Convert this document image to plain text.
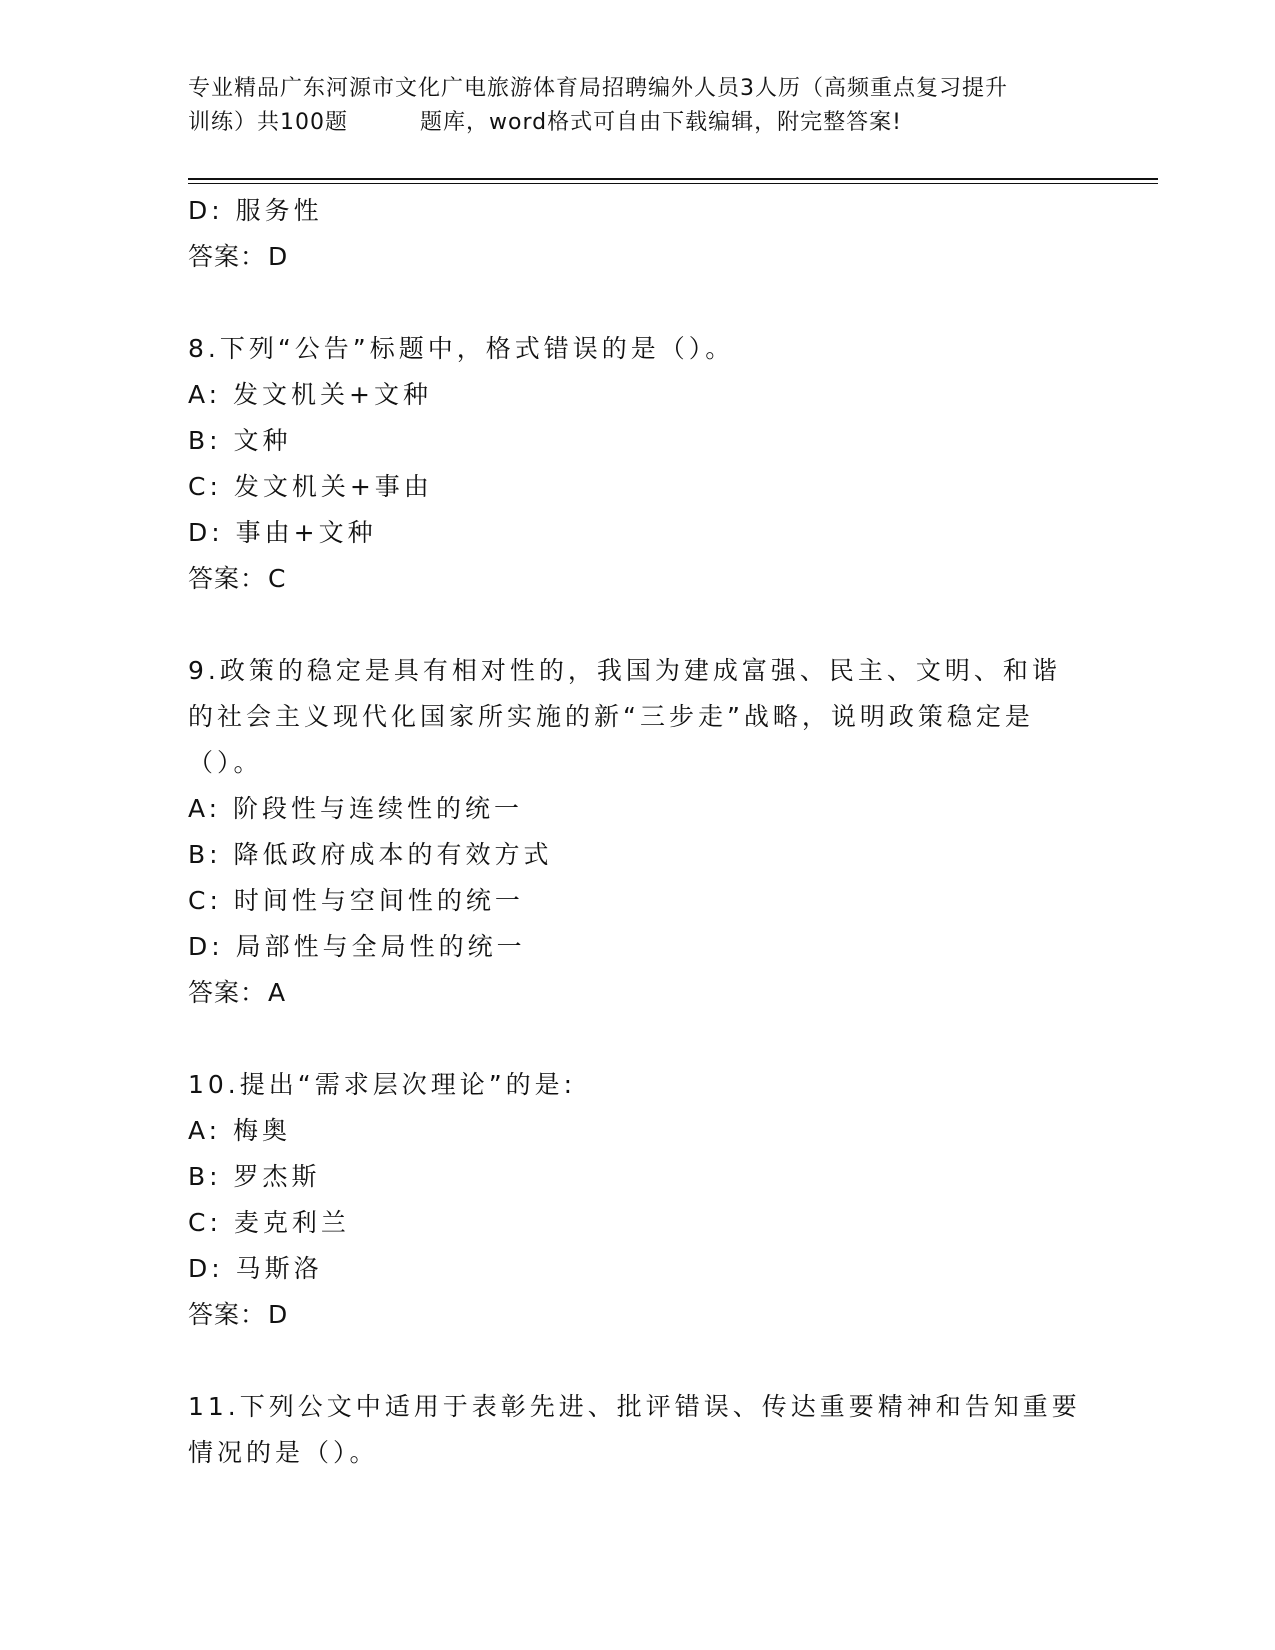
专业精品广东河源市文化广电旅游体育局招聘编外人员3人历（高频重点复习提升
训练）共100题	题库，word格式可自由下载编辑，附完整答案!
D: 服务性
答案：D
8.下列“公告”标题中，格式错误的是（）。
A: 发文机关+文种
B: 文种
C: 发文机关+事由
D: 事由+文种
答案：C
9.政策的稳定是具有相对性的，我国为建成富强、民主、文明、和谐的社会主义现代化国家所实施的新“三步走”战略，说明政策稳定是（）。
A: 阶段性与连续性的统一
B: 降低政府成本的有效方式
C: 时间性与空间性的统一
D: 局部性与全局性的统一
答案：A
10.提出“需求层次理论”的是:
A: 梅奥
B: 罗杰斯
C: 麦克利兰
D: 马斯洛
答案：D
11.下列公文中适用于表彰先进、批评错误、传达重要精神和告知重要情况的是（）。
